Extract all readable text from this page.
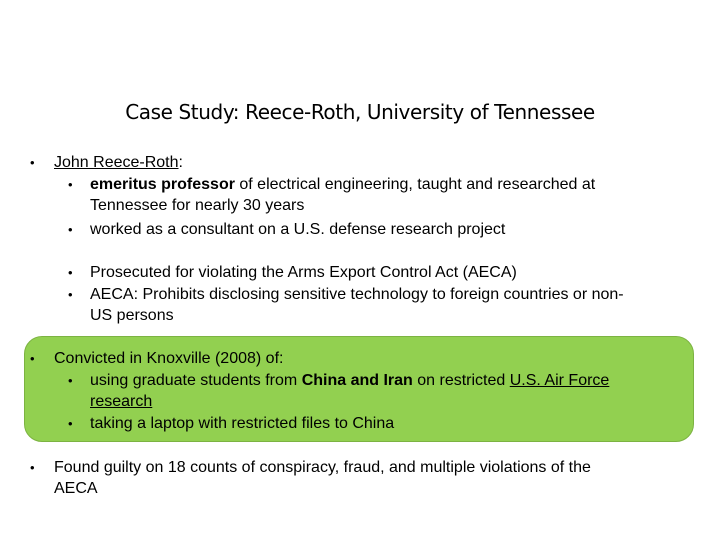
Case Study: Reece-Roth, University of Tennessee
• John Reece-Roth:
• emeritus professor of electrical engineering, taught and researched at
Tennessee for nearly 30 years
• worked as a consultant on a U.S. defense research project
• Prosecuted for violating the Arms Export Control Act (AECA)
• AECA: Prohibits disclosing sensitive technology to foreign countries or non-
US persons
• Convicted in Knoxville (2008) of:
• using graduate students from China and Iran on restricted U.S. Air Force
research
• taking a laptop with restricted files to China
• Found guilty on 18 counts of conspiracy, fraud, and multiple violations of the
AECA
